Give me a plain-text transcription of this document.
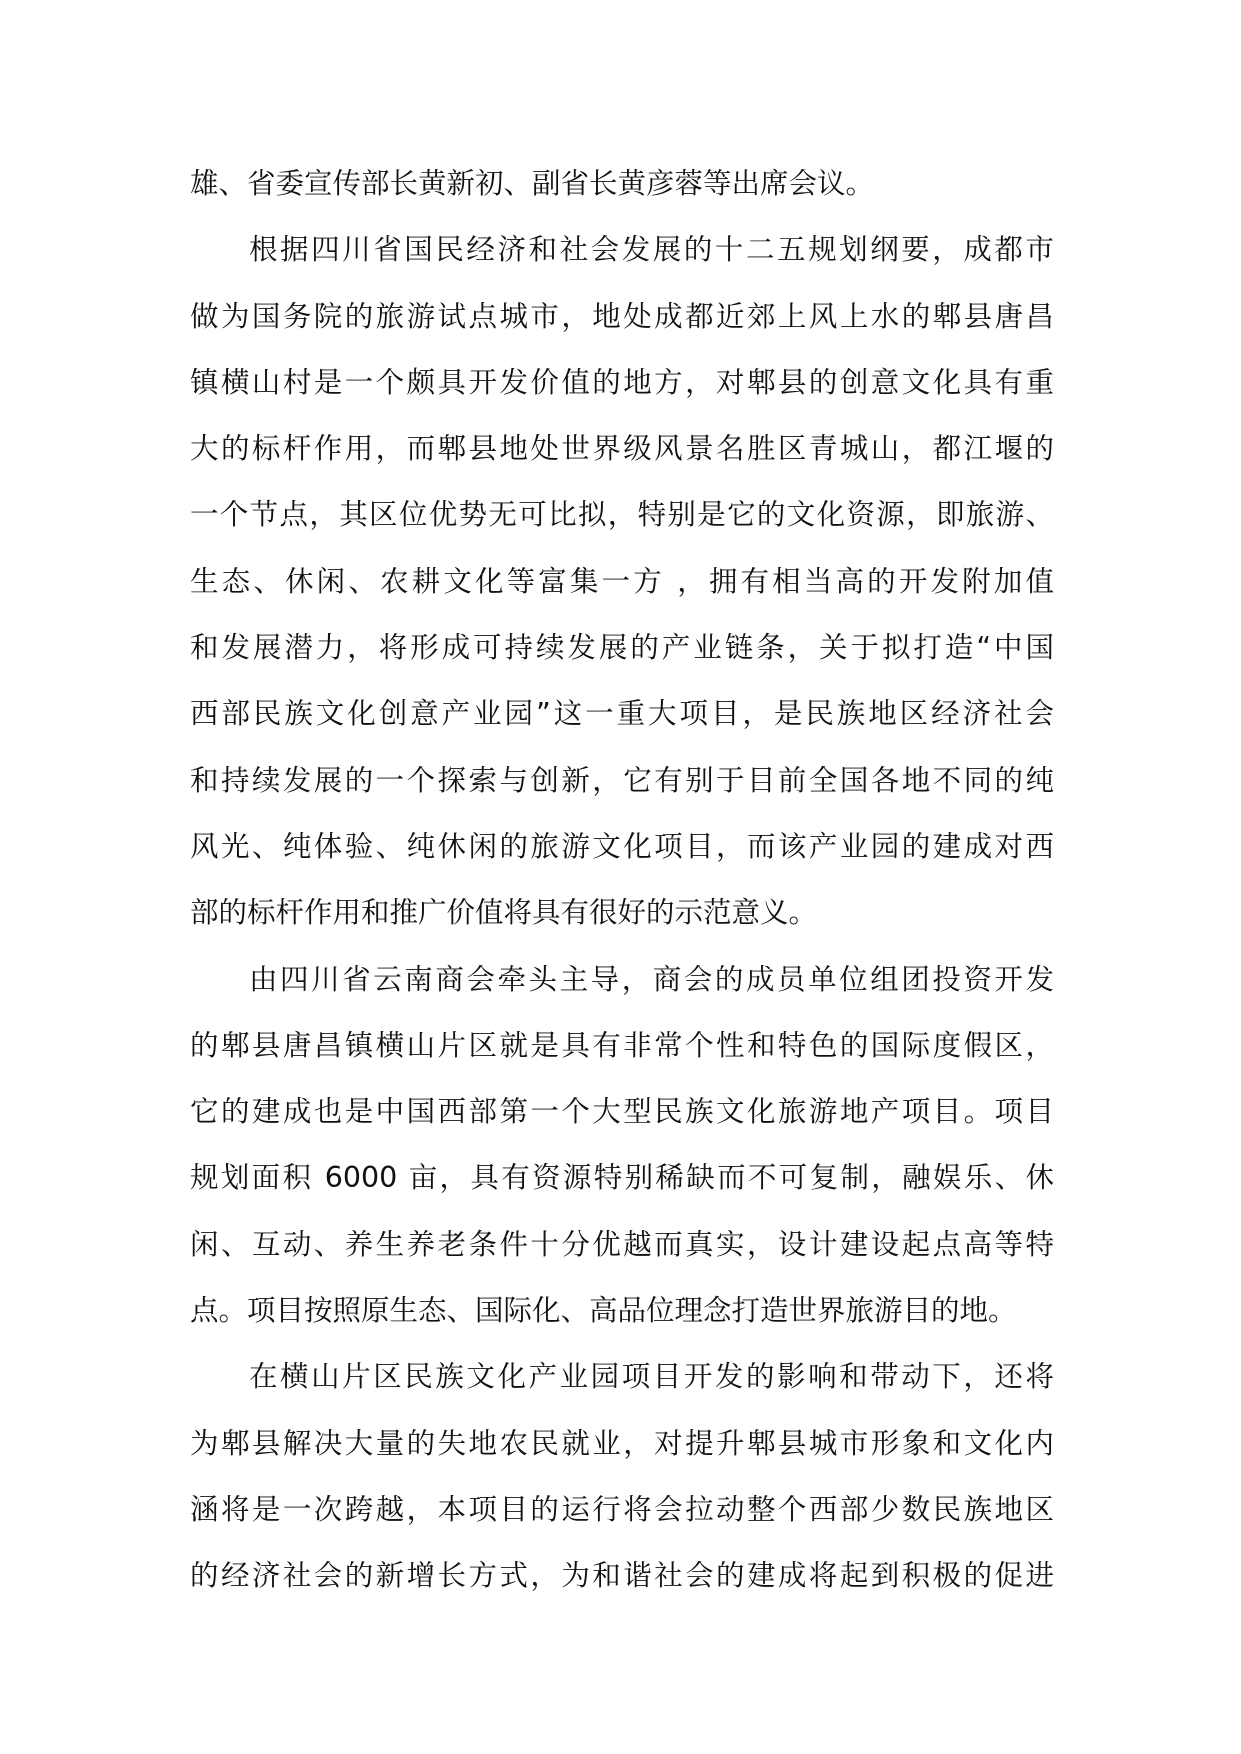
雄、省委宣传部长黄新初、副省长黄彦蓉等出席会议。
根据四川省国民经济和社会发展的十二五规划纲要，成都市
做为国务院的旅游试点城市，地处成都近郊上风上水的郫县唐昌
镇横山村是一个颇具开发价值的地方，对郫县的创意文化具有重
大的标杆作用，而郫县地处世界级风景名胜区青城山，都江堰的
一个节点，其区位优势无可比拟，特别是它的文化资源，即旅游、
生态、休闲、农耕文化等富集一方 ，拥有相当高的开发附加值
和发展潜力，将形成可持续发展的产业链条，关于拟打造“中国
西部民族文化创意产业园”这一重大项目，是民族地区经济社会
和持续发展的一个探索与创新，它有别于目前全国各地不同的纯
风光、纯体验、纯休闲的旅游文化项目，而该产业园的建成对西
部的标杆作用和推广价值将具有很好的示范意义。
由四川省云南商会牵头主导，商会的成员单位组团投资开发
的郫县唐昌镇横山片区就是具有非常个性和特色的国际度假区，
它的建成也是中国西部第一个大型民族文化旅游地产项目。项目
规划面积 6000 亩，具有资源特别稀缺而不可复制，融娱乐、休
闲、互动、养生养老条件十分优越而真实，设计建设起点高等特
点。项目按照原生态、国际化、高品位理念打造世界旅游目的地。
在横山片区民族文化产业园项目开发的影响和带动下，还将
为郫县解决大量的失地农民就业，对提升郫县城市形象和文化内
涵将是一次跨越，本项目的运行将会拉动整个西部少数民族地区
的经济社会的新增长方式，为和谐社会的建成将起到积极的促进
